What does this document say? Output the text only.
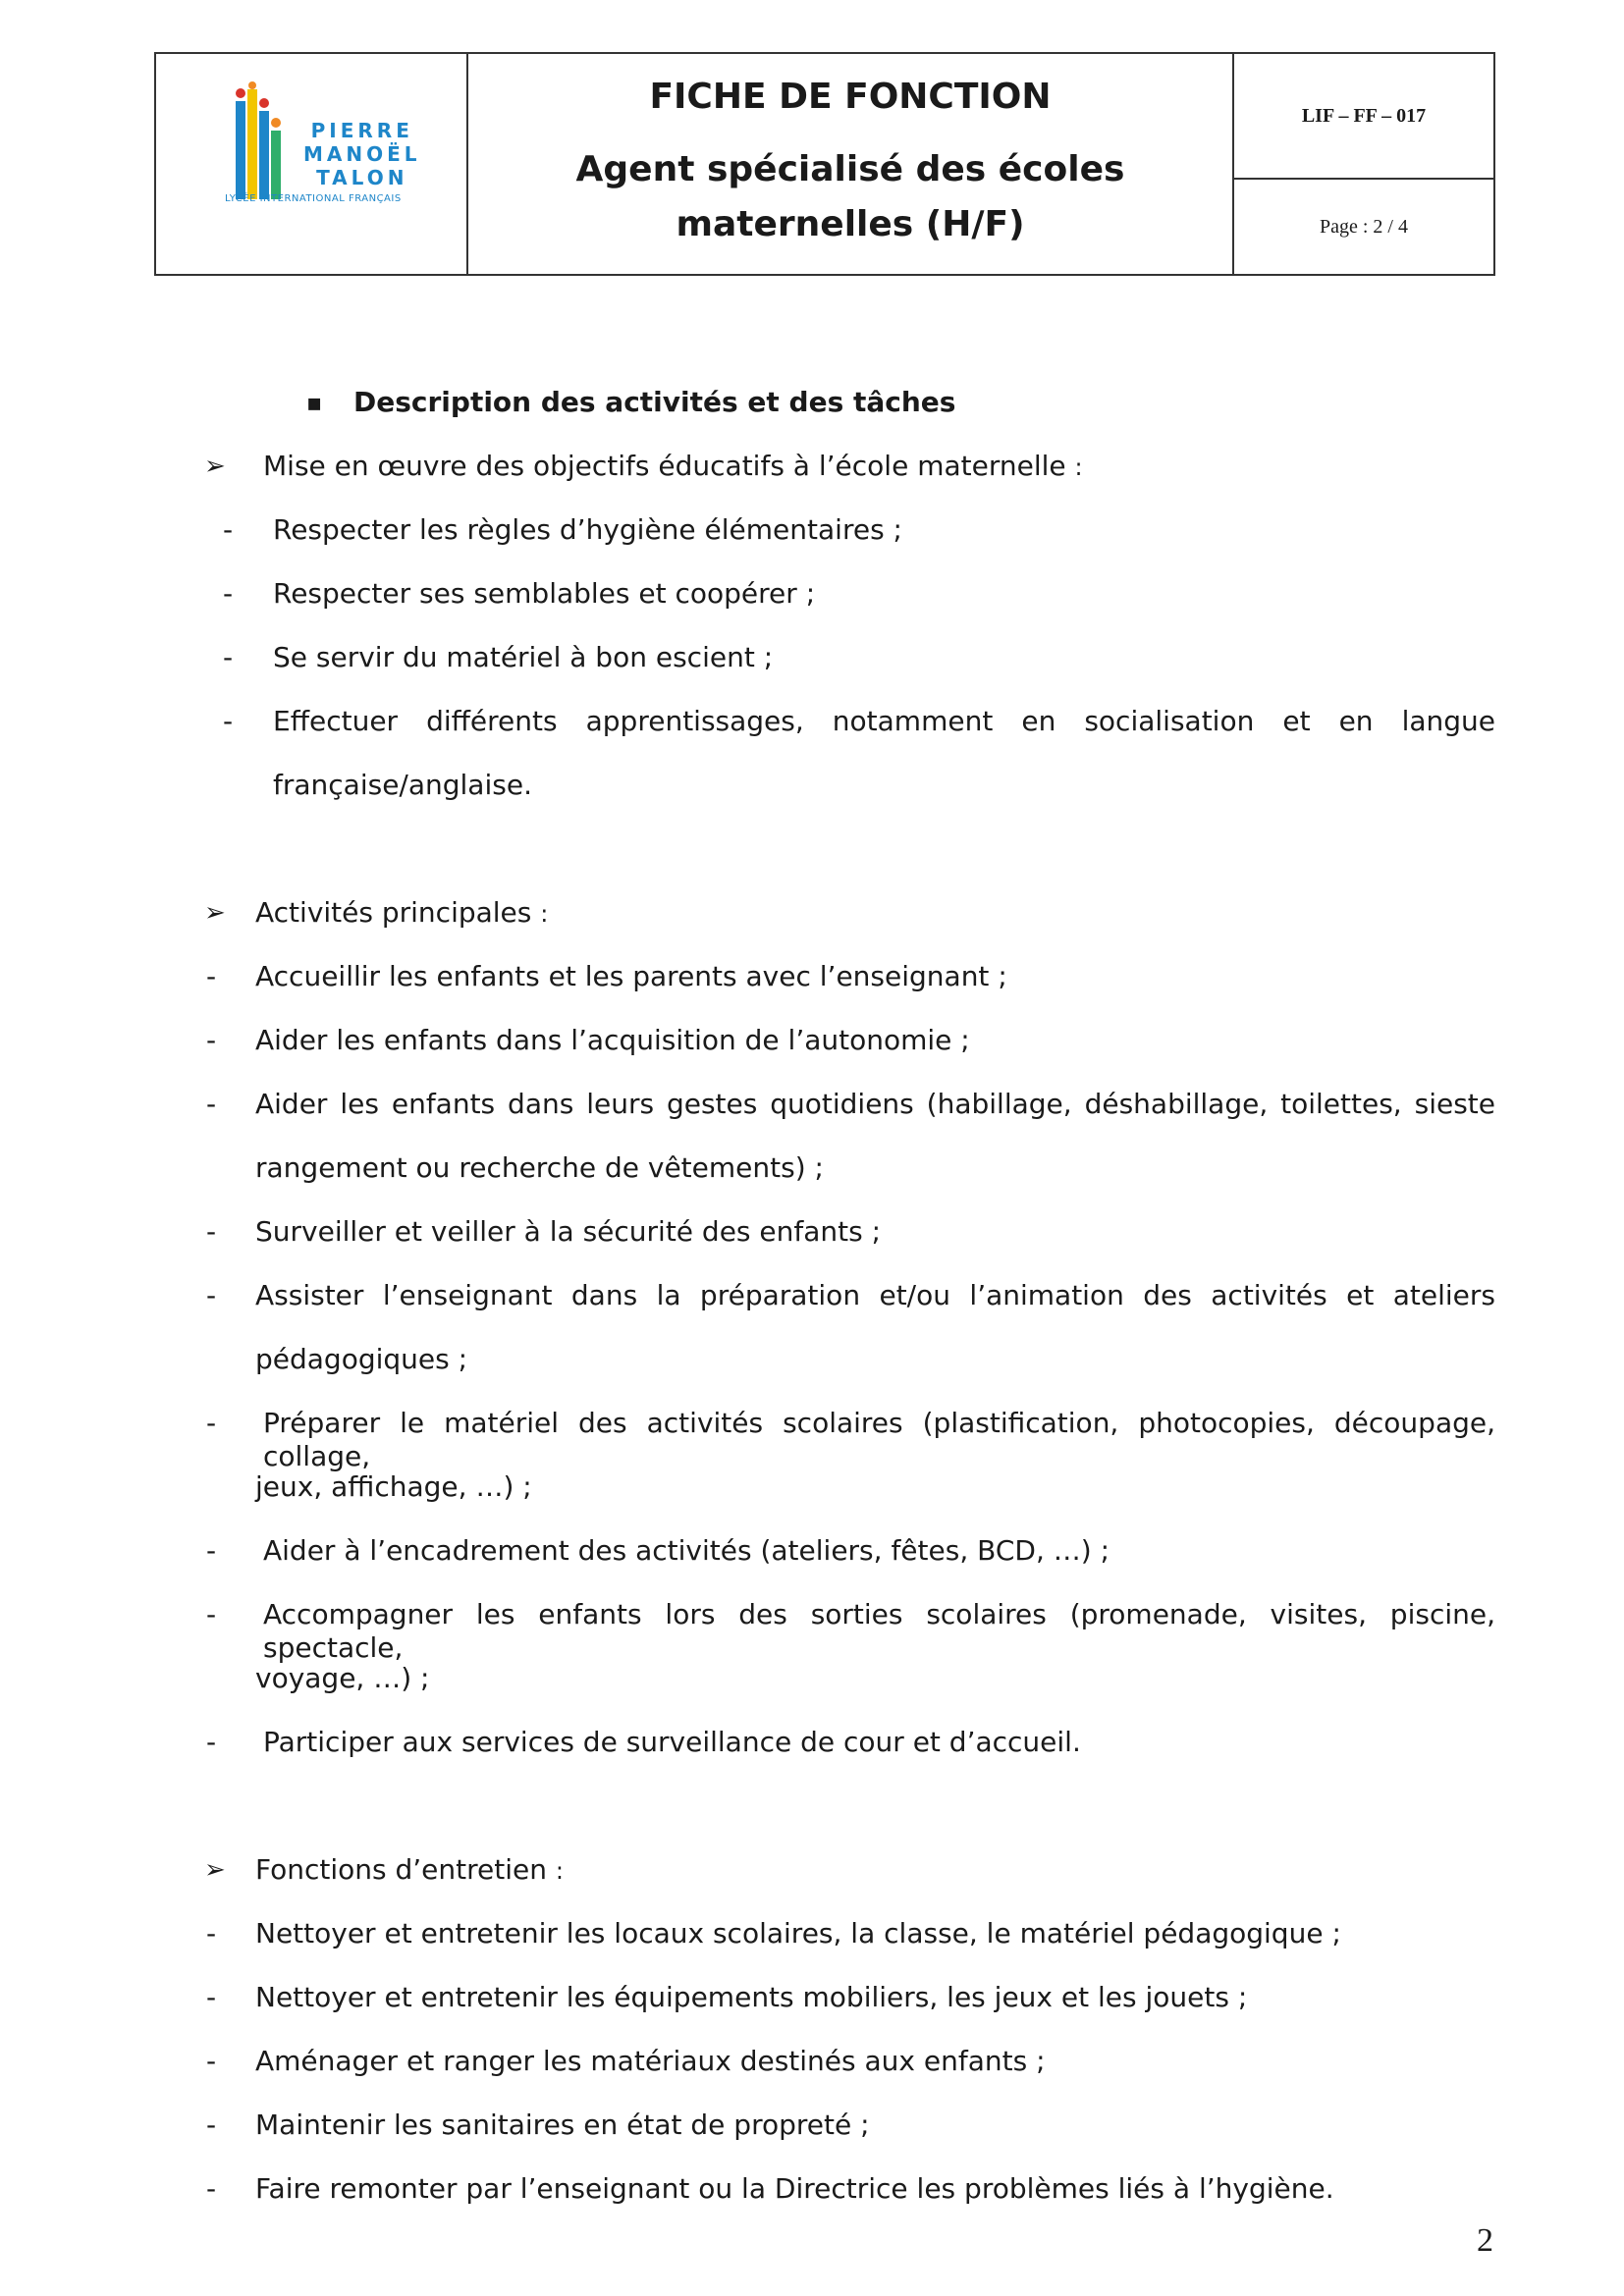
PIERRE
MANOËL
TALON
LYCÉE INTERNATIONAL FRANÇAIS
FICHE DE FONCTION
Agent spécialisé des écoles
maternelles (H/F)
LIF – FF – 017
Page : 2 / 4
▪ Description des activités et des tâches
➢ Mise en œuvre des objectifs éducatifs à l’école maternelle :
- Respecter les règles d’hygiène élémentaires ;
- Respecter ses semblables et coopérer ;
- Se servir du matériel à bon escient ;
- Effectuer différents apprentissages, notamment en socialisation et en langue
française/anglaise.
➢ Activités principales :
- Accueillir les enfants et les parents avec l’enseignant ;
- Aider les enfants dans l’acquisition de l’autonomie ;
- Aider les enfants dans leurs gestes quotidiens (habillage, déshabillage, toilettes, sieste
rangement ou recherche de vêtements) ;
- Surveiller et veiller à la sécurité des enfants ;
- Assister l’enseignant dans la préparation et/ou l’animation des activités et ateliers
pédagogiques ;
- Préparer le matériel des activités scolaires (plastification, photocopies, découpage, collage,
jeux, affichage, …) ;
- Aider à l’encadrement des activités (ateliers, fêtes, BCD, …) ;
- Accompagner les enfants lors des sorties scolaires (promenade, visites, piscine, spectacle,
voyage, …) ;
- Participer aux services de surveillance de cour et d’accueil.
➢ Fonctions d’entretien :
- Nettoyer et entretenir les locaux scolaires, la classe, le matériel pédagogique ;
- Nettoyer et entretenir les équipements mobiliers, les jeux et les jouets ;
- Aménager et ranger les matériaux destinés aux enfants ;
- Maintenir les sanitaires en état de propreté ;
- Faire remonter par l’enseignant ou la Directrice les problèmes liés à l’hygiène.
2
